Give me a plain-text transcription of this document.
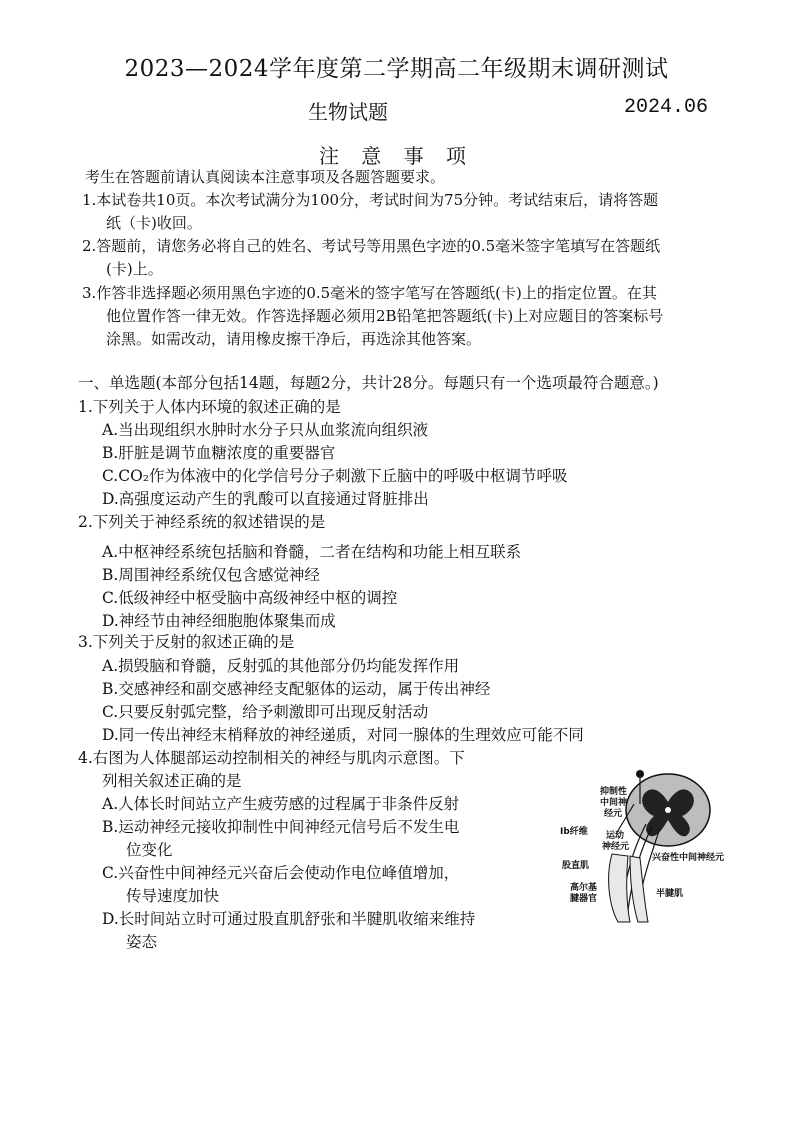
2023—2024学年度第二学期高二年级期末调研测试
生物试题	2024.06
注 意 事 项
考生在答题前请认真阅读本注意事项及各题答题要求。
1.本试卷共10页。本次考试满分为100分，考试时间为75分钟。考试结束后，请将答题
纸（卡)收回。
2.答题前，请您务必将自己的姓名、考试号等用黑色字迹的0.5毫米签字笔填写在答题纸
(卡)上。
3.作答非选择题必须用黑色字迹的0.5毫米的签字笔写在答题纸(卡)上的指定位置。在其
他位置作答一律无效。作答选择题必须用2B铅笔把答题纸(卡)上对应题目的答案标号
涂黑。如需改动，请用橡皮擦干净后，再选涂其他答案。
一、单选题(本部分包括14题，每题2分，共计28分。每题只有一个选项最符合题意。)
1.下列关于人体内环境的叙述正确的是
A.当出现组织水肿时水分子只从血浆流向组织液
B.肝脏是调节血糖浓度的重要器官
C.CO₂作为体液中的化学信号分子刺激下丘脑中的呼吸中枢调节呼吸
D.高强度运动产生的乳酸可以直接通过肾脏排出
2.下列关于神经系统的叙述错误的是
A.中枢神经系统包括脑和脊髓，二者在结构和功能上相互联系
B.周围神经系统仅包含感觉神经
C.低级神经中枢受脑中高级神经中枢的调控
D.神经节由神经细胞胞体聚集而成
3.下列关于反射的叙述正确的是
A.损毁脑和脊髓，反射弧的其他部分仍均能发挥作用
B.交感神经和副交感神经支配躯体的运动，属于传出神经
C.只要反射弧完整，给予刺激即可出现反射活动
D.同一传出神经末梢释放的神经递质，对同一腺体的生理效应可能不同
4.右图为人体腿部运动控制相关的神经与肌肉示意图。下
列相关叙述正确的是
A.人体长时间站立产生疲劳感的过程属于非条件反射
B.运动神经元接收抑制性中间神经元信号后不发生电
位变化
C.兴奋性中间神经元兴奋后会使动作电位峰值增加，
传导速度加快
D.长时间站立时可通过股直肌舒张和半腱肌收缩来维持
姿态
抑制性
中间神
经元
Ib纤维 运动
神经元
兴奋性中间神经元
股直肌
高尔基
腱器官	半腱肌
